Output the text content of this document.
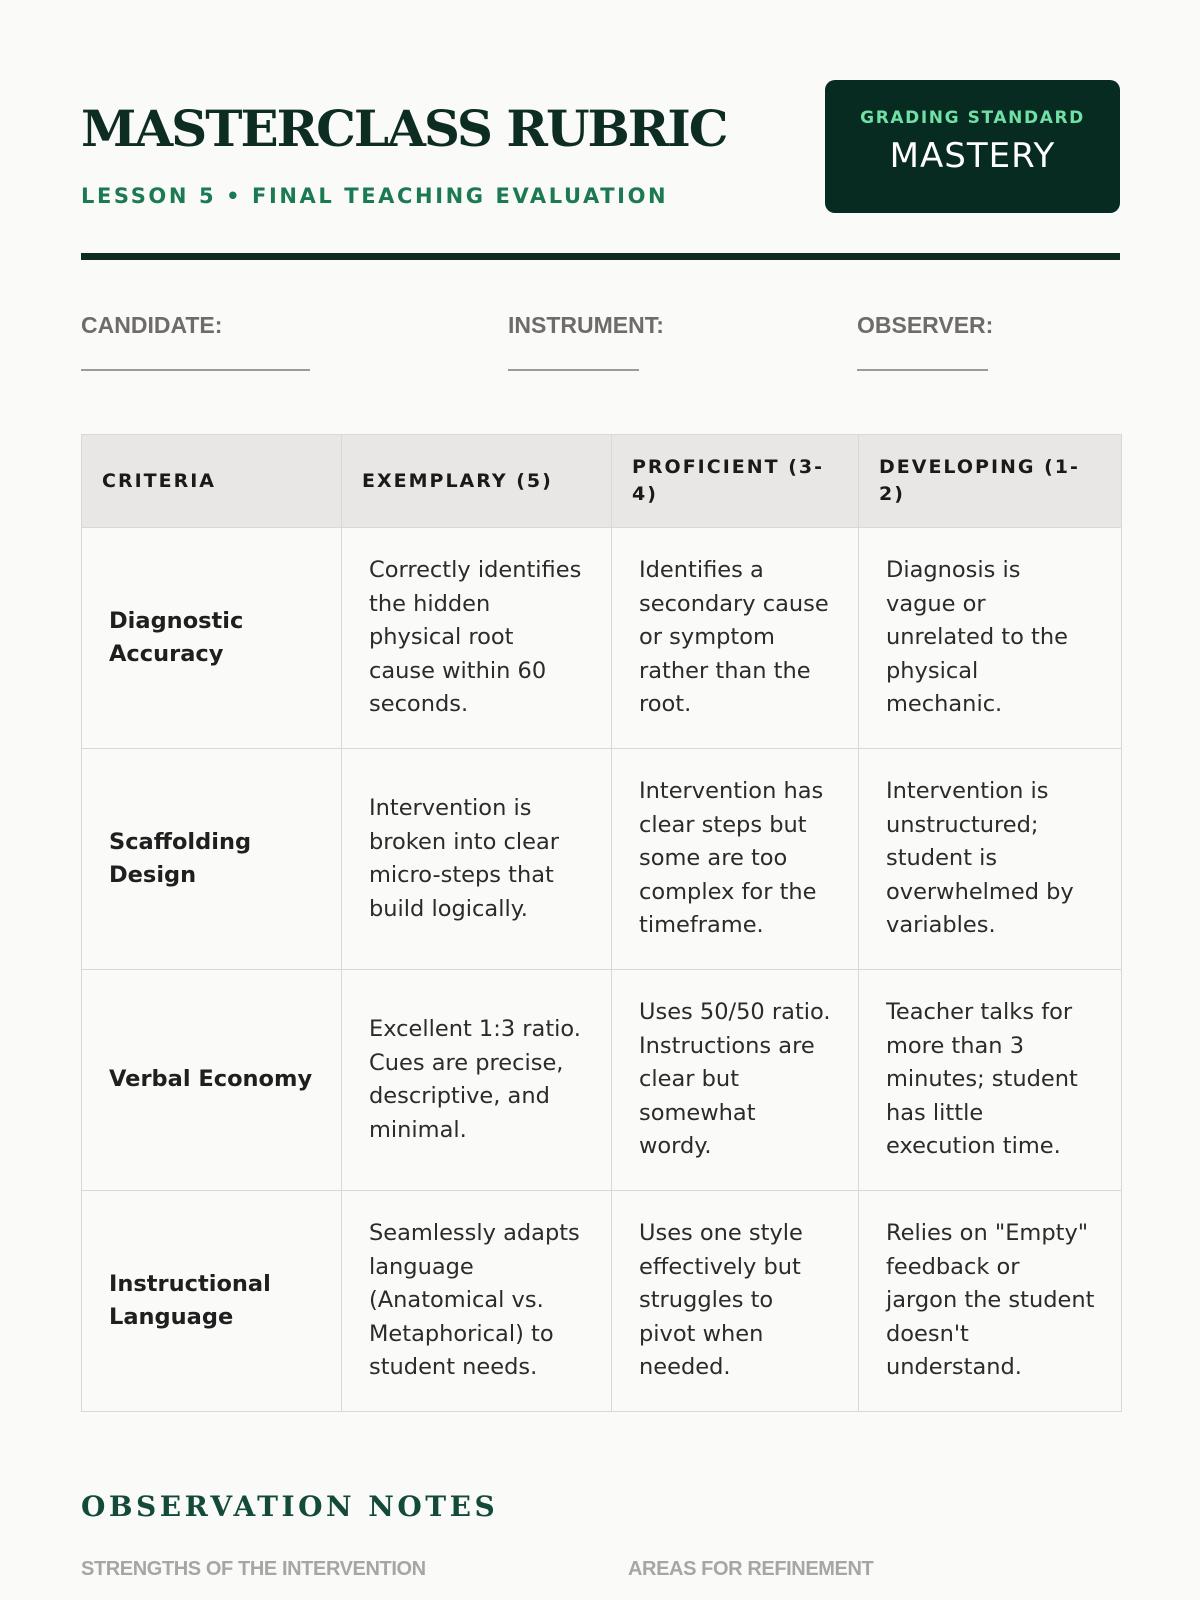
MASTERCLASS RUBRIC
LESSON 5 • FINAL TEACHING EVALUATION
GRADING STANDARD
MASTERY
CANDIDATE:	INSTRUMENT:	OBSERVER:
CRITERIA	EXEMPLARY (5)	PROFICIENT (3-4)	DEVELOPING (1-2)
Diagnostic Accuracy	Correctly identifies the hidden physical root cause within 60 seconds.	Identifies a secondary cause or symptom rather than the root.	Diagnosis is vague or unrelated to the physical mechanic.
Scaffolding Design	Intervention is broken into clear micro-steps that build logically.	Intervention has clear steps but some are too complex for the timeframe.	Intervention is unstructured; student is overwhelmed by variables.
Verbal Economy	Excellent 1:3 ratio. Cues are precise, descriptive, and minimal.	Uses 50/50 ratio. Instructions are clear but somewhat wordy.	Teacher talks for more than 3 minutes; student has little execution time.
Instructional Language	Seamlessly adapts language (Anatomical vs. Metaphorical) to student needs.	Uses one style effectively but struggles to pivot when needed.	Relies on "Empty" feedback or jargon the student doesn't understand.
OBSERVATION NOTES
STRENGTHS OF THE INTERVENTION	AREAS FOR REFINEMENT
